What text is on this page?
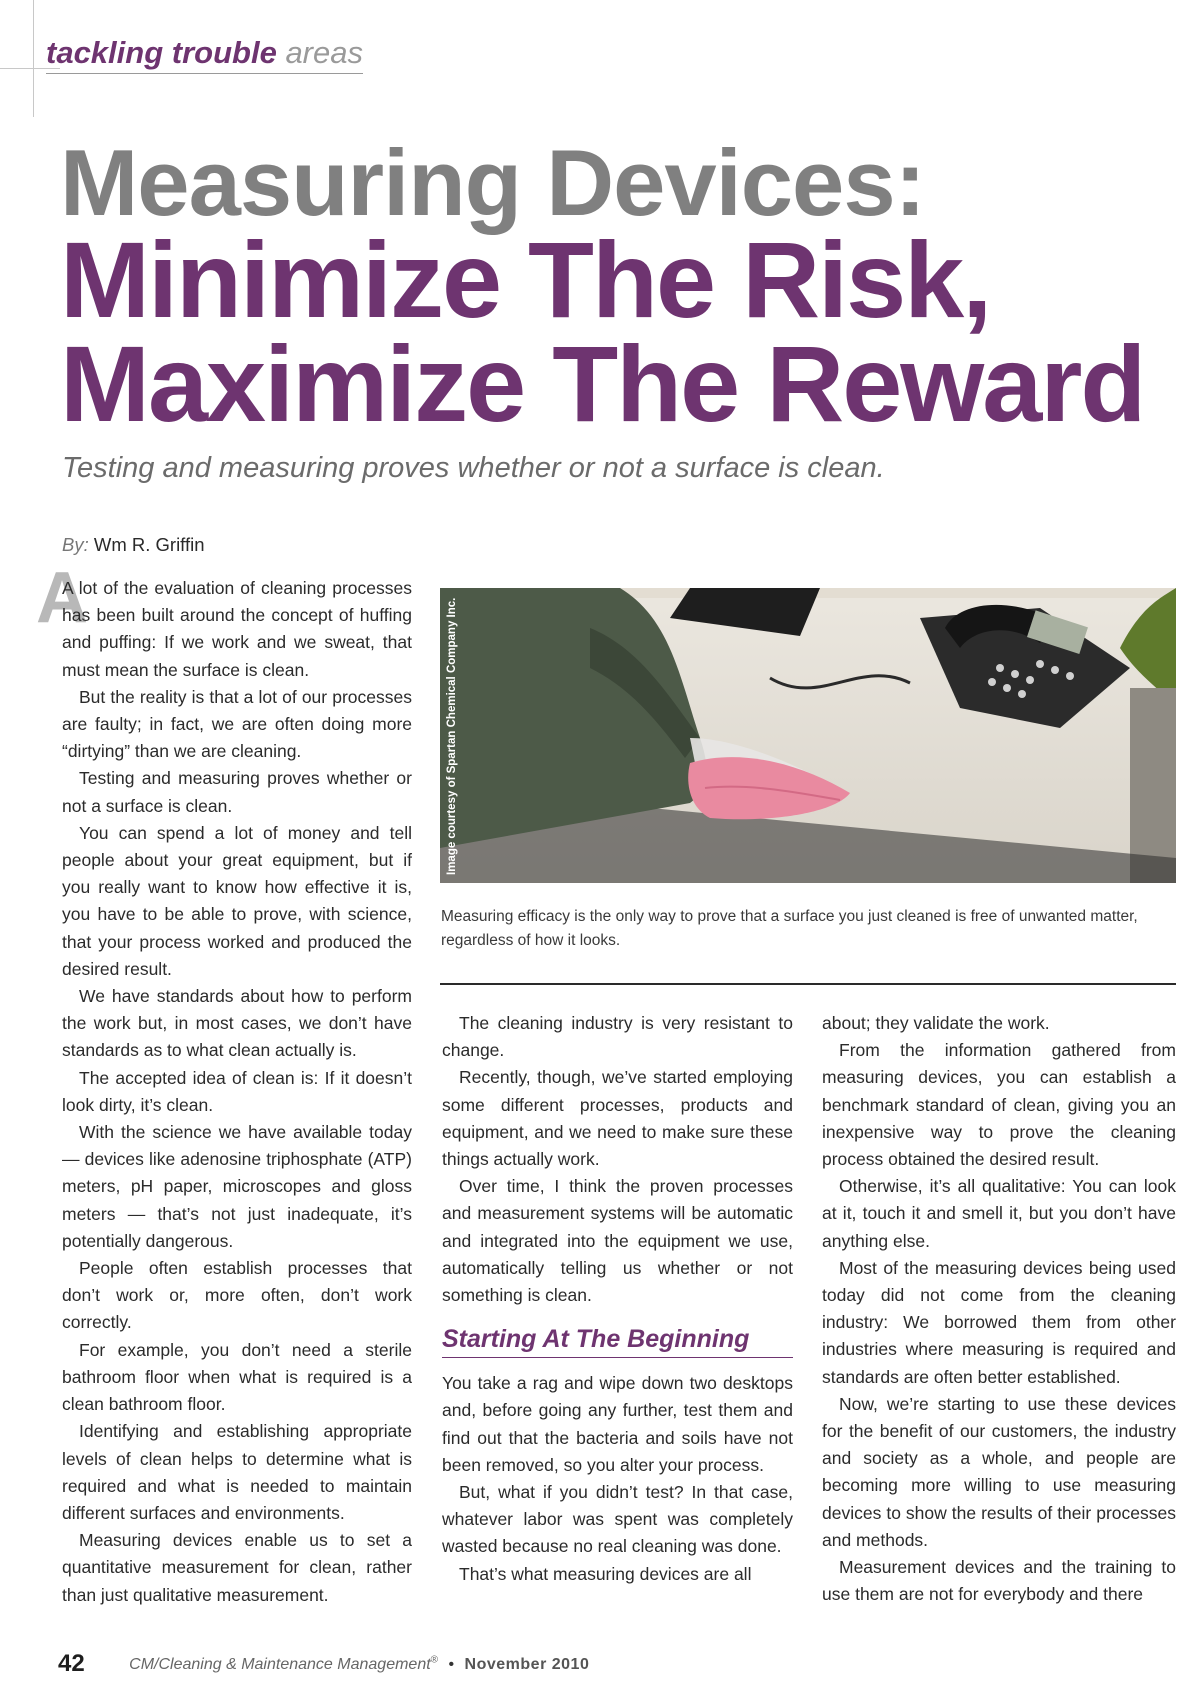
tackling trouble areas
Measuring Devices:
Minimize The Risk,
Maximize The Reward
Testing and measuring proves whether or not a surface is clean.
By: Wm R. Griffin
A

A lot of the evaluation of cleaning processes has been built around the concept of huffing and puffing: If we work and we sweat, that must mean the surface is clean.

But the reality is that a lot of our processes are faulty; in fact, we are often doing more “dirtying” than we are cleaning.

Testing and measuring proves whether or not a surface is clean.

You can spend a lot of money and tell people about your great equipment, but if you really want to know how effective it is, you have to be able to prove, with science, that your process worked and produced the desired result.

We have standards about how to perform the work but, in most cases, we don’t have standards as to what clean actually is.

The accepted idea of clean is: If it doesn’t look dirty, it’s clean.

With the science we have available today — devices like adenosine triphosphate (ATP) meters, pH paper, microscopes and gloss meters — that’s not just inadequate, it’s potentially dangerous.

People often establish processes that don’t work or, more often, don’t work correctly.

For example, you don’t need a sterile bathroom floor when what is required is a clean bathroom floor.

Identifying and establishing appropriate levels of clean helps to determine what is required and what is needed to maintain different surfaces and environments.

Measuring devices enable us to set a quantitative measurement for clean, rather than just qualitative measurement.

Image courtesy of Spartan Chemical Company Inc.
Measuring efficacy is the only way to prove that a surface you just cleaned is free of unwanted matter, regardless of how it looks.

The cleaning industry is very resistant to change.

Recently, though, we’ve started employing some different processes, products and equipment, and we need to make sure these things actually work.

Over time, I think the proven processes and measurement systems will be automatic and integrated into the equipment we use, automatically telling us whether or not something is clean.

Starting At The Beginning

You take a rag and wipe down two desktops and, before going any further, test them and find out that the bacteria and soils have not been removed, so you alter your process.

But, what if you didn’t test? In that case, whatever labor was spent was completely wasted because no real cleaning was done.

That’s what measuring devices are all

about; they validate the work.

From the information gathered from measuring devices, you can establish a benchmark standard of clean, giving you an inexpensive way to prove the cleaning process obtained the desired result.

Otherwise, it’s all qualitative: You can look at it, touch it and smell it, but you don’t have anything else.

Most of the measuring devices being used today did not come from the cleaning industry: We borrowed them from other industries where measuring is required and standards are often better established.

Now, we’re starting to use these devices for the benefit of our customers, the industry and society as a whole, and people are becoming more willing to use measuring devices to show the results of their processes and methods.

Measurement devices and the training to use them are not for everybody and there

42	CM/Cleaning & Maintenance Management® • November 2010
